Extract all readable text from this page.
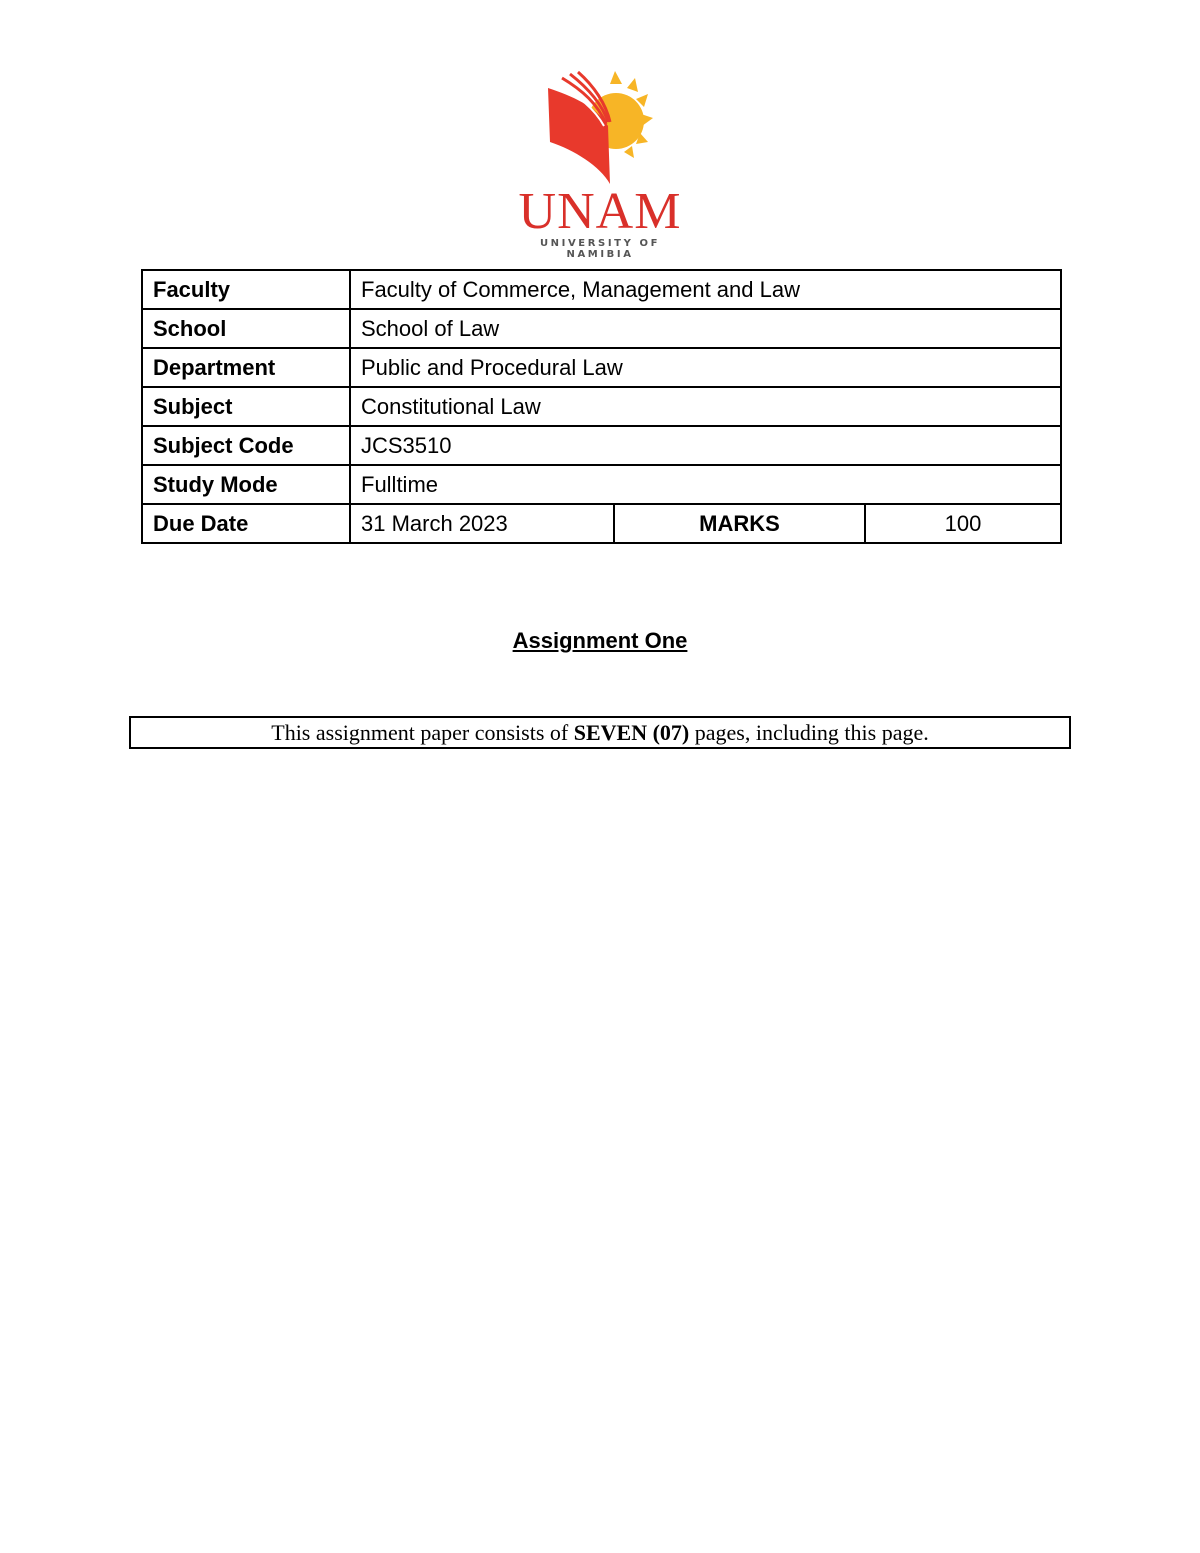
UNAM
UNIVERSITY OF NAMIBIA
Faculty	Faculty of Commerce, Management and Law		
School	School of Law		
Department	Public and Procedural Law		
Subject	Constitutional Law		
Subject Code	JCS3510		
Study Mode	Fulltime		
Due Date	31 March 2023	MARKS	100
Assignment One
This assignment paper consists of SEVEN (07) pages, including this page.
